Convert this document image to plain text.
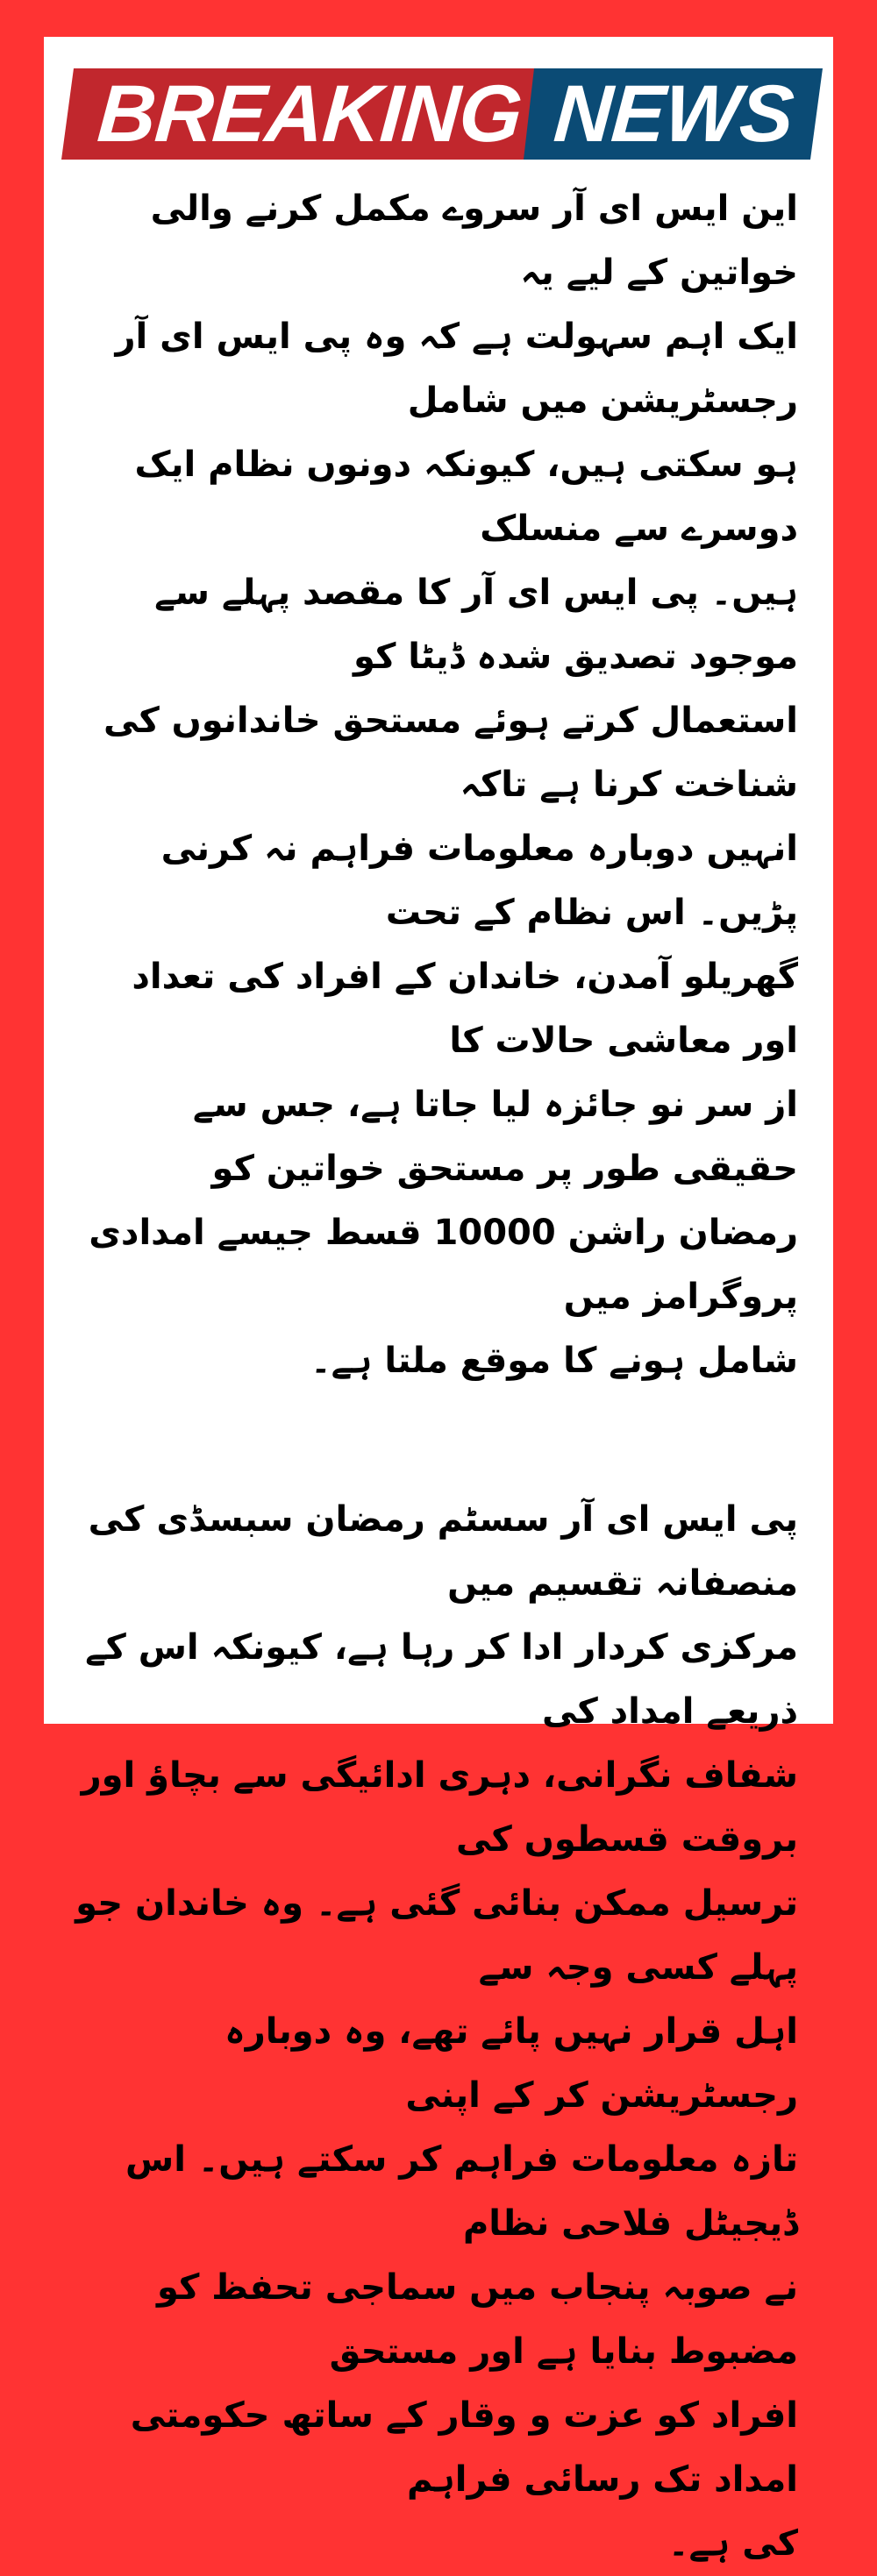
BREAKING NEWS

این ایس ای آر سروے مکمل کرنے والی خواتین کے لیے یہ
ایک اہم سہولت ہے کہ وہ پی ایس ای آر رجسٹریشن میں شامل
ہو سکتی ہیں، کیونکہ دونوں نظام ایک دوسرے سے منسلک
ہیں۔ پی ایس ای آر کا مقصد پہلے سے موجود تصدیق شدہ ڈیٹا کو
استعمال کرتے ہوئے مستحق خاندانوں کی شناخت کرنا ہے تاکہ
انہیں دوبارہ معلومات فراہم نہ کرنی پڑیں۔ اس نظام کے تحت
گھریلو آمدن، خاندان کے افراد کی تعداد اور معاشی حالات کا
از سر نو جائزہ لیا جاتا ہے، جس سے حقیقی طور پر مستحق خواتین کو
رمضان راشن 10000 قسط جیسے امدادی پروگرامز میں
شامل ہونے کا موقع ملتا ہے۔

پی ایس ای آر سسٹم رمضان سبسڈی کی منصفانہ تقسیم میں
مرکزی کردار ادا کر رہا ہے، کیونکہ اس کے ذریعے امداد کی
شفاف نگرانی، دہری ادائیگی سے بچاؤ اور بروقت قسطوں کی
ترسیل ممکن بنائی گئی ہے۔ وہ خاندان جو پہلے کسی وجہ سے
اہل قرار نہیں پائے تھے، وہ دوبارہ رجسٹریشن کر کے اپنی
تازہ معلومات فراہم کر سکتے ہیں۔ اس ڈیجیٹل فلاحی نظام
نے صوبہ پنجاب میں سماجی تحفظ کو مضبوط بنایا ہے اور مستحق
افراد کو عزت و وقار کے ساتھ حکومتی امداد تک رسائی فراہم
کی ہے۔
